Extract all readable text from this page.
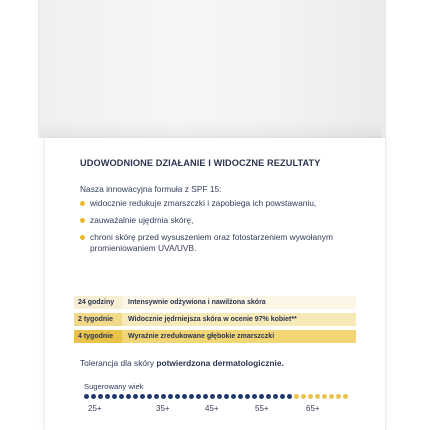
UDOWODNIONE DZIAŁANIE I WIDOCZNE REZULTATY
Nasza innowacyjna formuła z SPF 15:
widocznie redukuje zmarszczki i zapobiega ich powstawaniu,
zauważalnie ujędrnia skórę,
chroni skórę przed wysuszeniem oraz fotostarzeniem wywołanym promieniowaniem UVA/UVB.
24 godziny	Intensywnie odżywiona i nawilżona skóra
2 tygodnie	Widocznie jędrniejsza skóra w ocenie 97% kobiet**
4 tygodnie	Wyraźnie zredukowane głębokie zmarszczki
Tolerancja dla skóry potwierdzona dermatologicznie.
Sugerowany wiek
25+	35+	45+	55+	65+
